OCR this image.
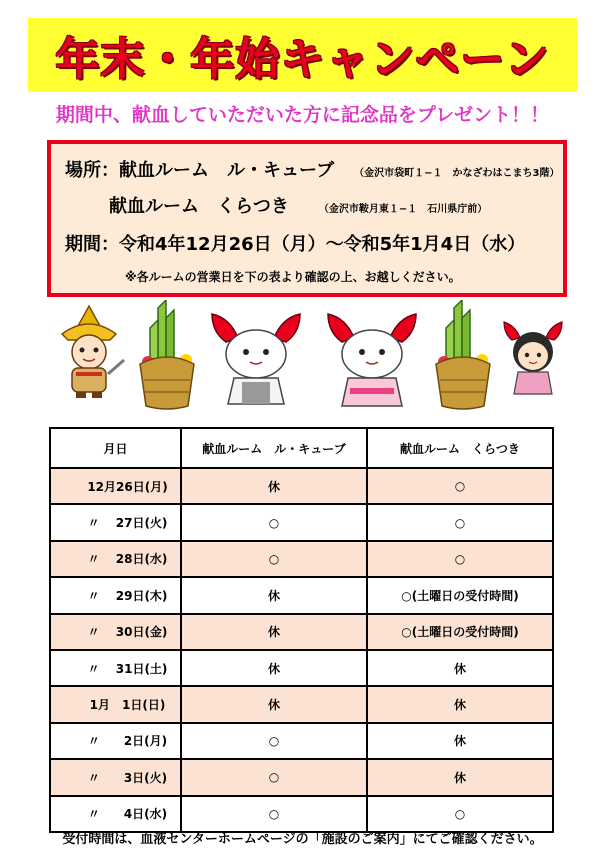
年末・年始キャンペーン
期間中、献血していただいた方に記念品をプレゼント！！
場所：献血ルーム　ル・キューブ （金沢市袋町１−１　かなざわはこまち3階）
献血ルーム　くらつき	（金沢市鞍月東１−１　石川県庁前）
期間：令和4年12月26日（月）〜令和5年1月4日（水）
※各ルームの営業日を下の表より確認の上、お越しください。
月日	献血ルーム　ル・キューブ	献血ルーム　くらつき
12月26日(月)	休	○
〃　 27日(火)	○	○
〃　 28日(水)	○	○
〃　 29日(木)	休	○(土曜日の受付時間)
〃　 30日(金)	休	○(土曜日の受付時間)
〃　 31日(土)	休	休
1月　1日(日)	休	休
〃　　2日(月)	○	休
〃　　3日(火)	○	休
〃　　4日(水)	○	○
受付時間は、血液センターホームページの「施設のご案内」にてご確認ください。
